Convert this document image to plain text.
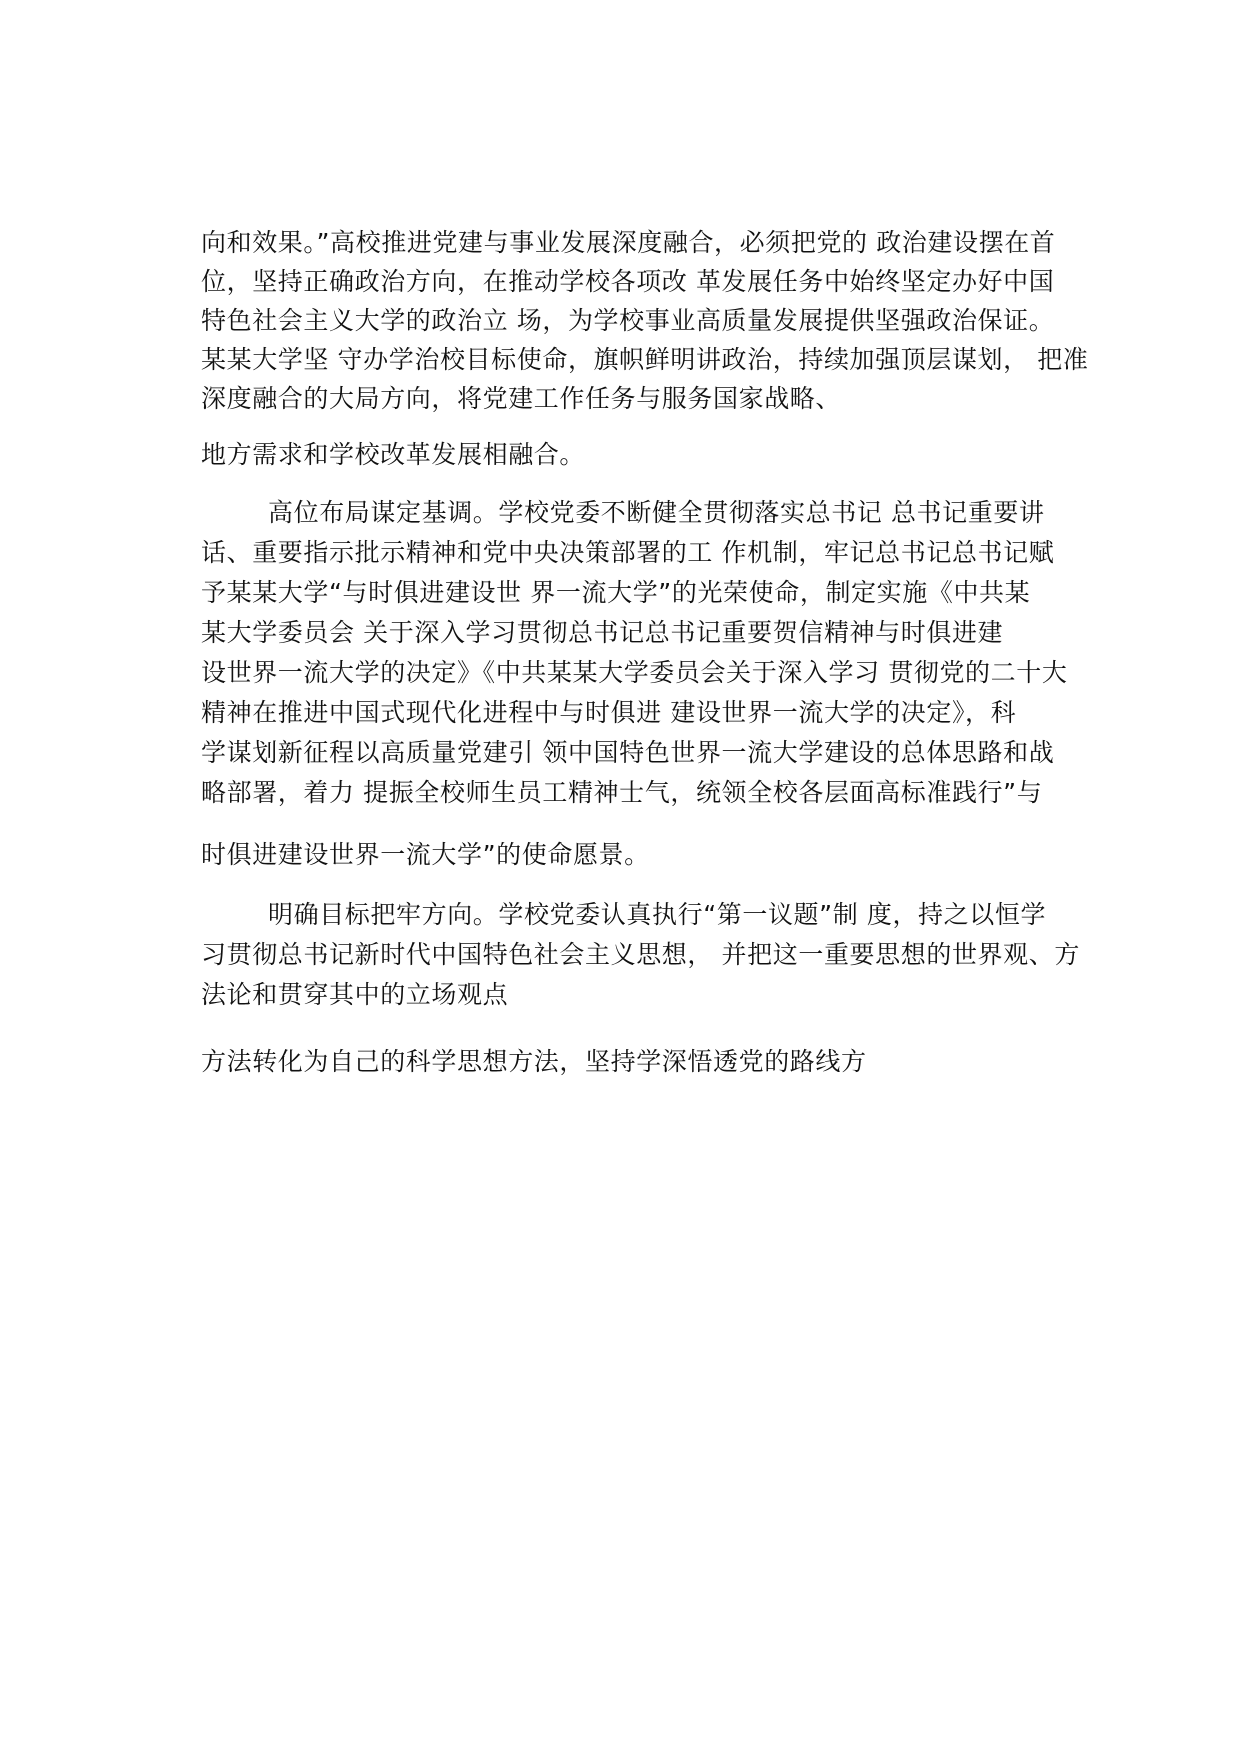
向和效果。”高校推进党建与事业发展深度融合，必须把党的 政治建设摆在首
位，坚持正确政治方向，在推动学校各项改 革发展任务中始终坚定办好中国
特色社会主义大学的政治立 场，为学校事业高质量发展提供坚强政治保证。
某某大学坚 守办学治校目标使命，旗帜鲜明讲政治，持续加强顶层谋划， 把准
深度融合的大局方向，将党建工作任务与服务国家战略、
地方需求和学校改革发展相融合。
高位布局谋定基调。学校党委不断健全贯彻落实总书记 总书记重要讲
话、重要指示批示精神和党中央决策部署的工 作机制，牢记总书记总书记赋
予某某大学“与时俱进建设世 界一流大学”的光荣使命，制定实施《中共某
某大学委员会 关于深入学习贯彻总书记总书记重要贺信精神与时俱进建
设世界一流大学的决定》《中共某某大学委员会关于深入学习 贯彻党的二十大
精神在推进中国式现代化进程中与时俱进 建设世界一流大学的决定》，科
学谋划新征程以高质量党建引 领中国特色世界一流大学建设的总体思路和战
略部署，着力 提振全校师生员工精神士气，统领全校各层面高标准践行”与
时俱进建设世界一流大学”的使命愿景。
明确目标把牢方向。学校党委认真执行“第一议题”制 度，持之以恒学
习贯彻总书记新时代中国特色社会主义思想， 并把这一重要思想的世界观、方
法论和贯穿其中的立场观点
方法转化为自己的科学思想方法，坚持学深悟透党的路线方
